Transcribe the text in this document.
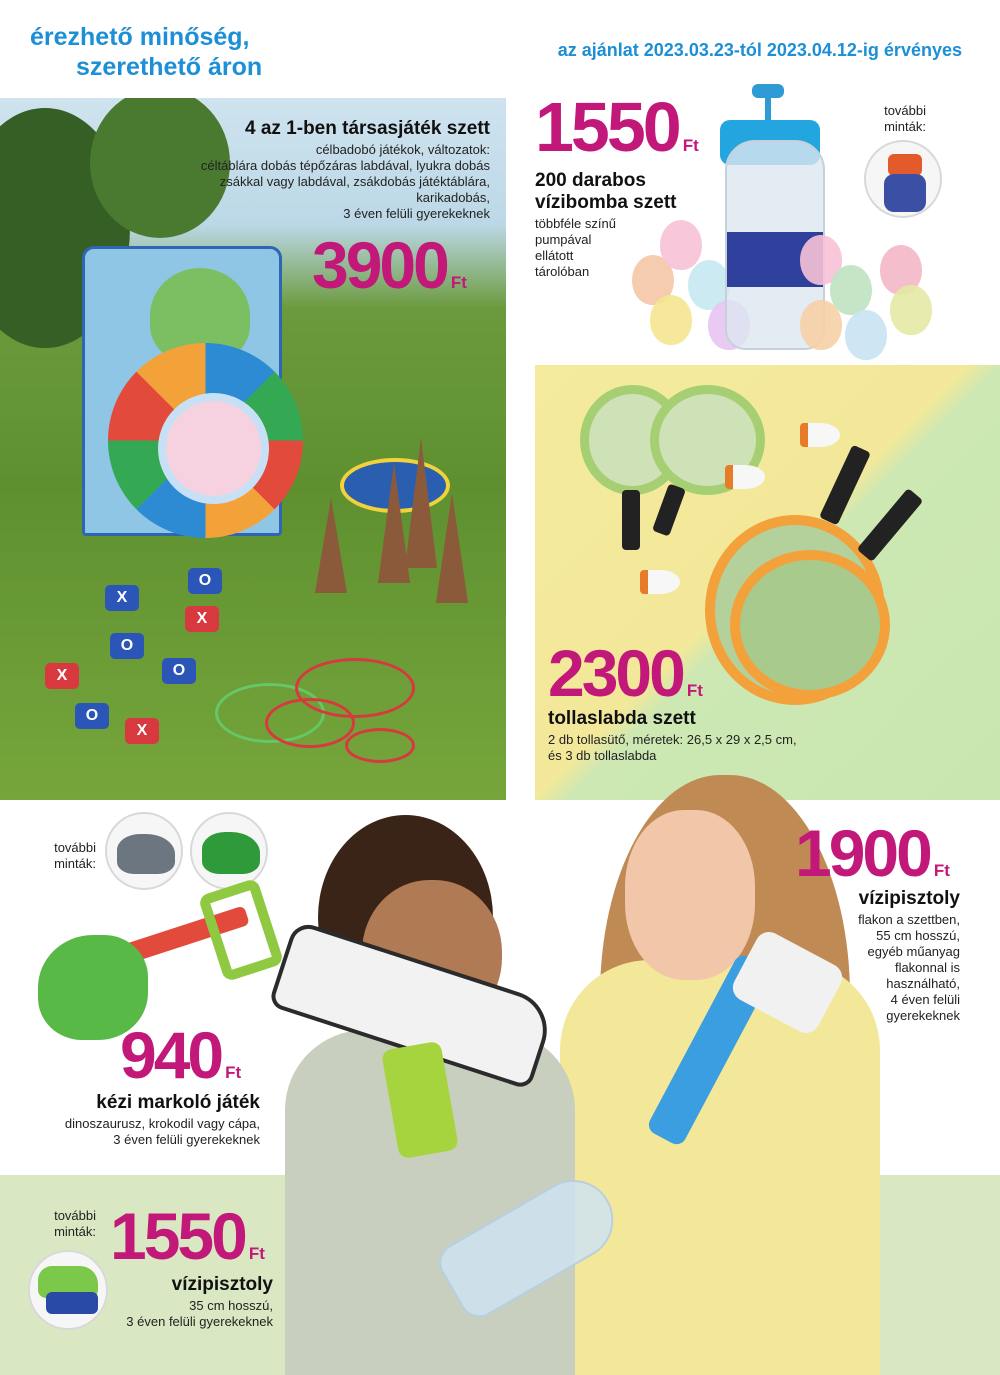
érezhető minőség,
szerethető áron
az ajánlat 2023.03.23-tól 2023.04.12-ig érvényes
X
O
X
O
X	O
O
X
4 az 1-ben társasjáték szett
célbadobó játékok, változatok:
céltáblára dobás tépőzáras labdával, lyukra dobás
zsákkal vagy labdával, zsákdobás játéktáblára,
karikadobás,
3 éven felüli gyerekeknek
3900 Ft
1550 Ft
200 darabos
vízibomba szett
többféle színű
pumpával
ellátott
tárolóban
további
minták:
2300 Ft
tollaslabda szett
2 db tollasütő, méretek: 26,5 x 29 x 2,5 cm,
és 3 db tollaslabda
1900 Ft
vízipisztoly
flakon a szettben,
55 cm hosszú,
egyéb műanyag
flakonnal is
használható,
4 éven felüli
gyerekeknek
további
minták:
940 Ft
kézi markoló játék
dinoszaurusz, krokodil vagy cápa,
3 éven felüli gyerekeknek
további
minták: 1550 Ft
vízipisztoly
35 cm hosszú,
3 éven felüli gyerekeknek
